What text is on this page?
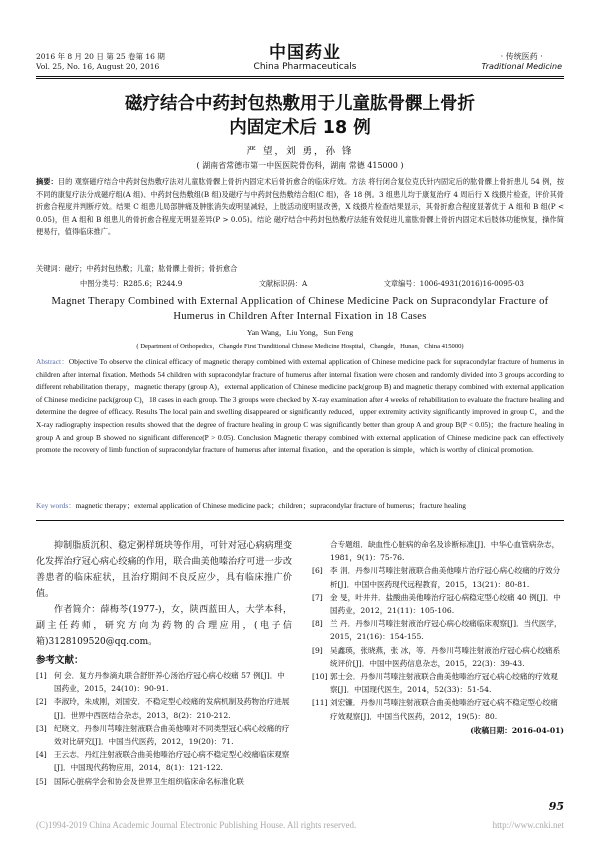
2016 年 8 月 20 日 第 25 卷第 16 期
Vol. 25, No. 16, August 20, 2016
中国药业
China Pharmaceuticals
· 传统医药 ·
Traditional Medicine
磁疗结合中药封包热敷用于儿童肱骨髁上骨折
内固定术后 18 例
严 望，刘 勇，孙 锋
( 湖南省常德市第一中医医院骨伤科，湖南 常德 415000 )
摘要：目的 观察磁疗结合中药封包热敷疗法对儿童肱骨髁上骨折内固定术后骨折愈合的临床疗效。方法 将行闭合复位克氏针内固定后的肱骨髁上骨折患儿 54 例，按不同的康复疗法分成磁疗组(A 组)、中药封包热敷组(B 组)及磁疗与中药封包热敷结合组(C 组)，各 18 例。3 组患儿均于康复治疗 4 周后行 X 线摄片检查，评价其骨折愈合程度并判断疗效。结果 C 组患儿局部肿痛及肿胀消失或明显减轻，上肢活动度明显改善，X 线摄片检查结果显示，其骨折愈合程度显著优于 A 组和 B 组(P < 0.05)，但 A 组和 B 组患儿的骨折愈合程度无明显差异(P > 0.05)。结论 磁疗结合中药封包热敷疗法能有效促进儿童肱骨髁上骨折内固定术后肢体功能恢复，操作简便易行，值得临床推广。
关键词：磁疗；中药封包热敷；儿童；肱骨髁上骨折；骨折愈合
中图分类号：R285.6；R244.9	文献标识码：A	文章编号：1006-4931(2016)16-0095-03
Magnet Therapy Combined with External Application of Chinese Medicine Pack on Supracondylar Fracture of Humerus in Children After Internal Fixation in 18 Cases
Yan Wang，Liu Yong，Sun Feng
( Department of Orthopedics，Changde First Tranditional Chinese Medicine Hospital，Changde，Hunan，China 415000)
Abstract：Objective To observe the clinical efficacy of magnetic therapy combined with external application of Chinese medicine pack for supracondylar fracture of humerus in children after internal fixation. Methods 54 children with supracondylar fracture of humerus after internal fixation were chosen and randomly divided into 3 groups according to different rehabilitation therapy，magnetic therapy (group A)，external application of Chinese medicine pack(group B) and magnetic therapy combined with external application of Chinese medicine pack(group C)，18 cases in each group. The 3 groups were checked by X-ray examination after 4 weeks of rehabilitation to evaluate the fracture healing and determine the degree of efficacy. Results The local pain and swelling disappeared or significantly reduced，upper extremity activity significantly improved in group C，and the X-ray radiography inspection results showed that the degree of fracture healing in group C was significantly better than group A and group B(P < 0.05)；the fracture healing in group A and group B showed no significant difference(P > 0.05). Conclusion Magnetic therapy combined with external application of Chinese medicine pack can effectively promote the recovery of limb function of supracondylar fracture of humerus after internal fixation，and the operation is simple，which is worthy of clinical promotion.
Key words：magnetic therapy；external application of Chinese medicine pack；children；supracondylar fracture of humerus；fracture healing

抑制脂质沉积、稳定粥样斑块等作用，可针对冠心病病理变化发挥治疗冠心病心绞痛的作用，联合曲美他嗪治疗可进一步改善患者的临床症状，且治疗期间不良反应少，具有临床推广价值。

作者简介：薛梅芩(1977-)，女，陕西蓝田人，大学本科，副主任药师，研究方向为药物的合理应用，(电子信箱)3128109520@qq.com。

参考文献：
[1] 何 会．复方丹参滴丸联合舒肝养心汤治疗冠心病心绞痛 57 例[J]．中国药业，2015，24(10)：90-91.
[2] 李淑玲，朱成刚，刘国安．不稳定型心绞痛的发病机制及药物治疗进展[J]．世界中西医结合杂志，2013，8(2)：210-212.
[3] 纪晓文．丹参川芎嗪注射液联合曲美他嗪对不同类型冠心病心绞痛的疗效对比研究[J]．中国当代医药，2012，19(20)：71.
[4] 王云志．丹红注射液联合曲美他嗪治疗冠心病不稳定型心绞痛临床观察[J]．中国现代药物应用，2014，8(1)：121-122.
[5] 国际心脏病学会和协会及世界卫生组织临床命名标准化联
合专题组．缺血性心脏病的命名及诊断标准[J]．中华心血管病杂志，1981，9(1)：75-76.
[6] 李 涓．丹参川芎嗪注射液联合曲美他嗪片治疗冠心病心绞痛的疗效分析[J]．中国中医药现代远程教育，2015，13(21)：80-81.
[7] 金 旻，叶井井．盐酸曲美他嗪治疗冠心病稳定型心绞痛 40 例[J]．中国药业，2012，21(11)：105-106.
[8] 兰 丹．丹参川芎嗪注射液治疗冠心病心绞痛临床观察[J]．当代医学，2015，21(16)：154-155.
[9] 吴鑫瑛，张晓燕，张 冰，等．丹参川芎嗪注射液治疗冠心病心绞痛系统评价[J]．中国中医药信息杂志，2015，22(3)：39-43.
[10] 郭士会．丹参川芎嗪注射液联合曲美他嗪治疗冠心病心绞痛的疗效观察[J]．中国现代医生，2014，52(33)：51-54.
[11] 刘宏镰．丹参川芎嗪注射液联合曲美他嗪治疗冠心病不稳定型心绞痛疗效观察[J]．中国当代医药，2012，19(5)：80.
(收稿日期：2016-04-01)
95
(C)1994-2019 China Academic Journal Electronic Publishing House. All rights reserved.	http://www.cnki.net
